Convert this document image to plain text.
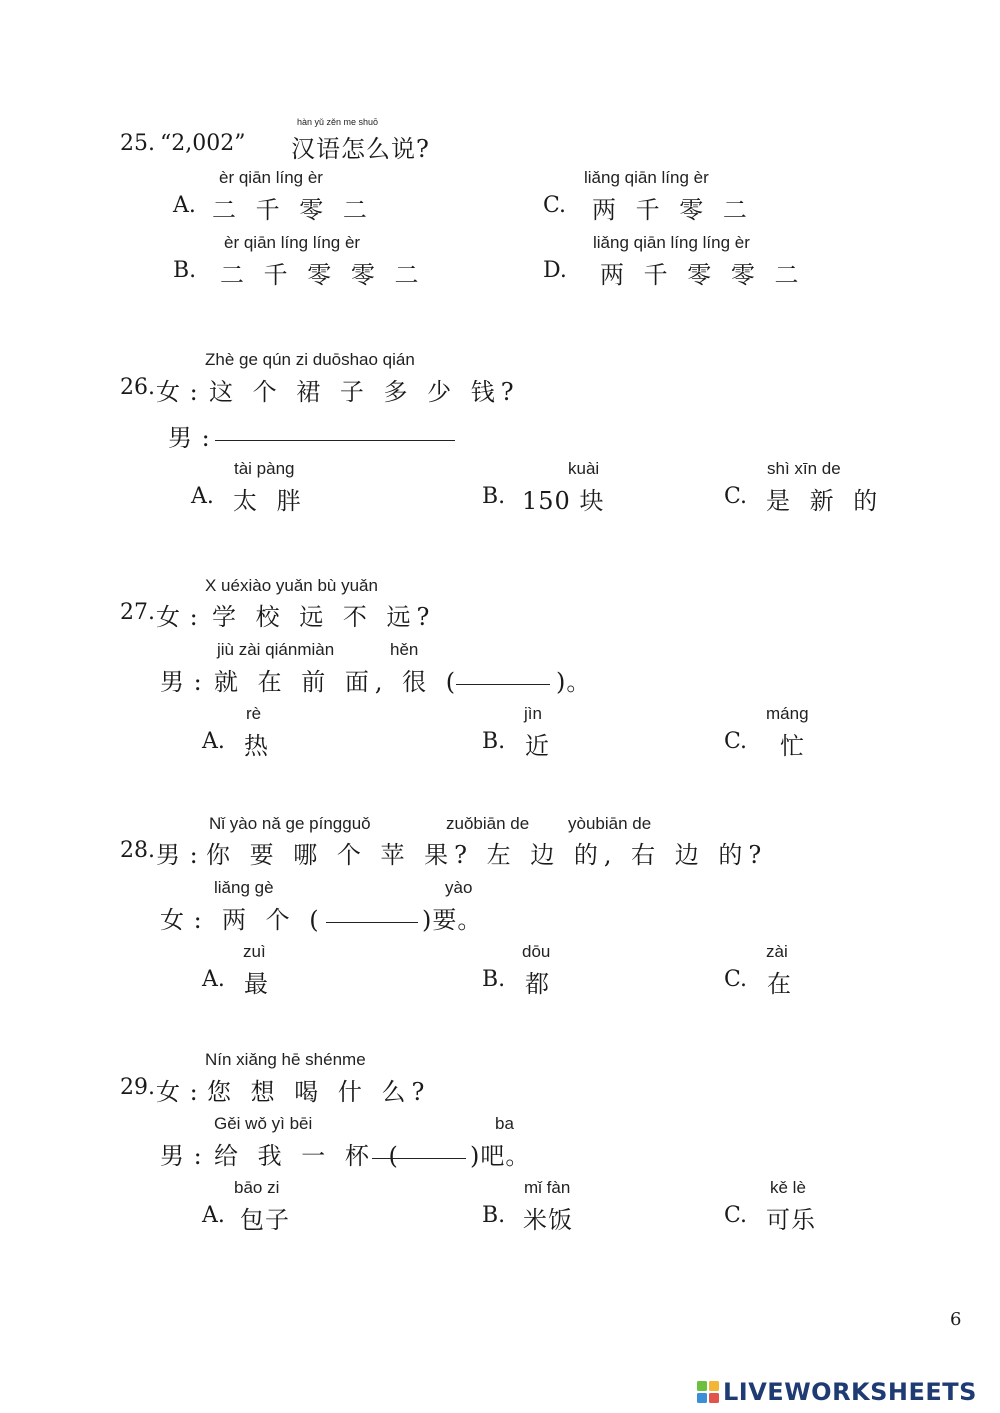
hàn yǔ zěn me shuō
25. “2,002” 汉语怎么说?
èr qiān líng èr
A. 二 千 零 二
liǎng qiān líng èr
C. 两 千 零 二
èr qiān líng líng èr
B. 二 千 零 零 二
liǎng qiān líng líng èr
D. 两 千 零 零 二
Zhè ge qún zi duōshao qián
26. 女 : 这 个 裙 子 多 少 钱?
男 :
tài pàng
A. 太 胖
kuài
B. 150 块
shì xīn de
C. 是 新 的
X uéxiào yuǎn bù yuǎn
27. 女 : 学 校 远 不 远?
jiù zài qiánmiàn	hěn
男 : 就 在 前 面, 很 (	)。
rè
A. 热
jìn
B. 近
máng
C. 忙
Nǐ yào nǎ ge píngguǒ	zuǒbiān de yòubiān de
28. 男 : 你 要 哪 个 苹 果? 左 边 的, 右 边 的?
liǎng gè	yào
女 : 两 个 (	)要。
zuì
A. 最
dōu
B. 都
zài
C. 在
Nín xiǎng hē shénme
29. 女 : 您 想 喝 什 么?
Gěi wǒ yì bēi	ba
男 : 给 我 一 杯 (	)吧。
bāo zi
A. 包子
mǐ fàn
B. 米饭
kě lè
C. 可乐
6
LIVEWORKSHEETS
